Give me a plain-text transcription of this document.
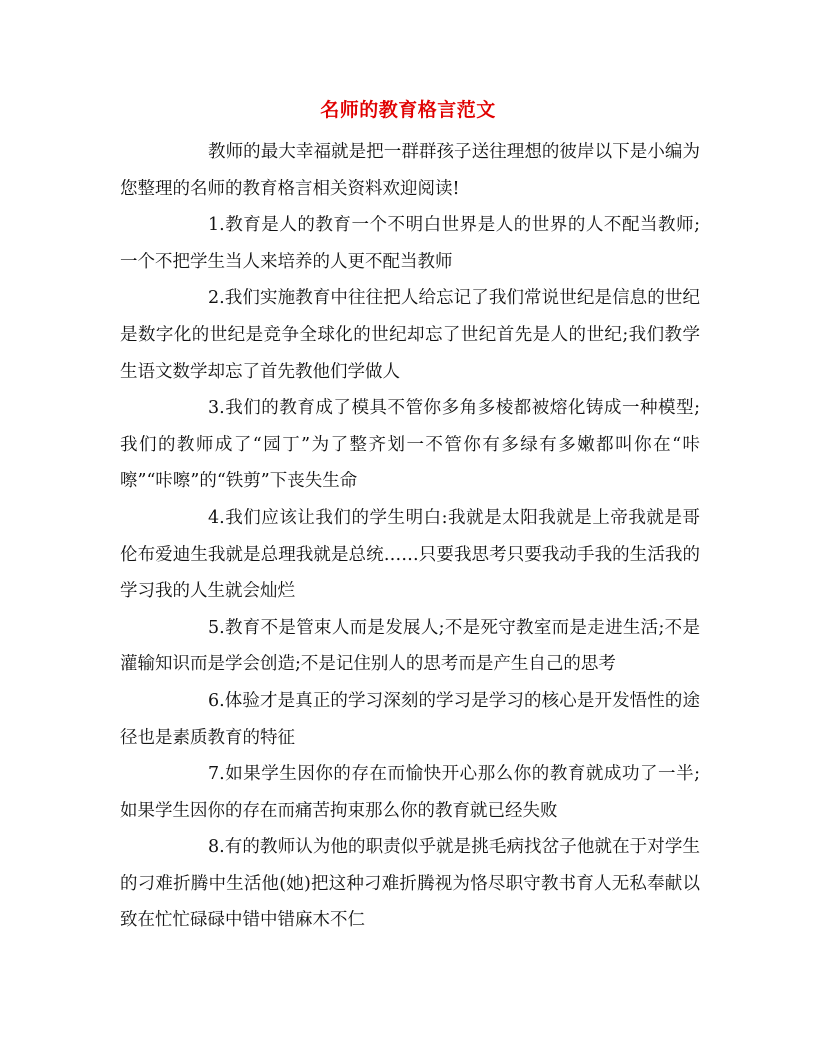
名师的教育格言范文

教师的最大幸福就是把一群群孩子送往理想的彼岸以下是小编为您整理的名师的教育格言相关资料欢迎阅读!

1.教育是人的教育一个不明白世界是人的世界的人不配当教师;一个不把学生当人来培养的人更不配当教师

2.我们实施教育中往往把人给忘记了我们常说世纪是信息的世纪是数字化的世纪是竞争全球化的世纪却忘了世纪首先是人的世纪;我们教学生语文数学却忘了首先教他们学做人

3.我们的教育成了模具不管你多角多棱都被熔化铸成一种模型;我们的教师成了“园丁”为了整齐划一不管你有多绿有多嫩都叫你在“咔嚓”“咔嚓”的“铁剪”下丧失生命

4.我们应该让我们的学生明白:我就是太阳我就是上帝我就是哥伦布爱迪生我就是总理我就是总统……只要我思考只要我动手我的生活我的学习我的人生就会灿烂

5.教育不是管束人而是发展人;不是死守教室而是走进生活;不是灌输知识而是学会创造;不是记住别人的思考而是产生自己的思考

6.体验才是真正的学习深刻的学习是学习的核心是开发悟性的途径也是素质教育的特征

7.如果学生因你的存在而愉快开心那么你的教育就成功了一半;如果学生因你的存在而痛苦拘束那么你的教育就已经失败

8.有的教师认为他的职责似乎就是挑毛病找岔子他就在于对学生的刁难折腾中生活他(她)把这种刁难折腾视为恪尽职守教书育人无私奉献以致在忙忙碌碌中错中错麻木不仁
